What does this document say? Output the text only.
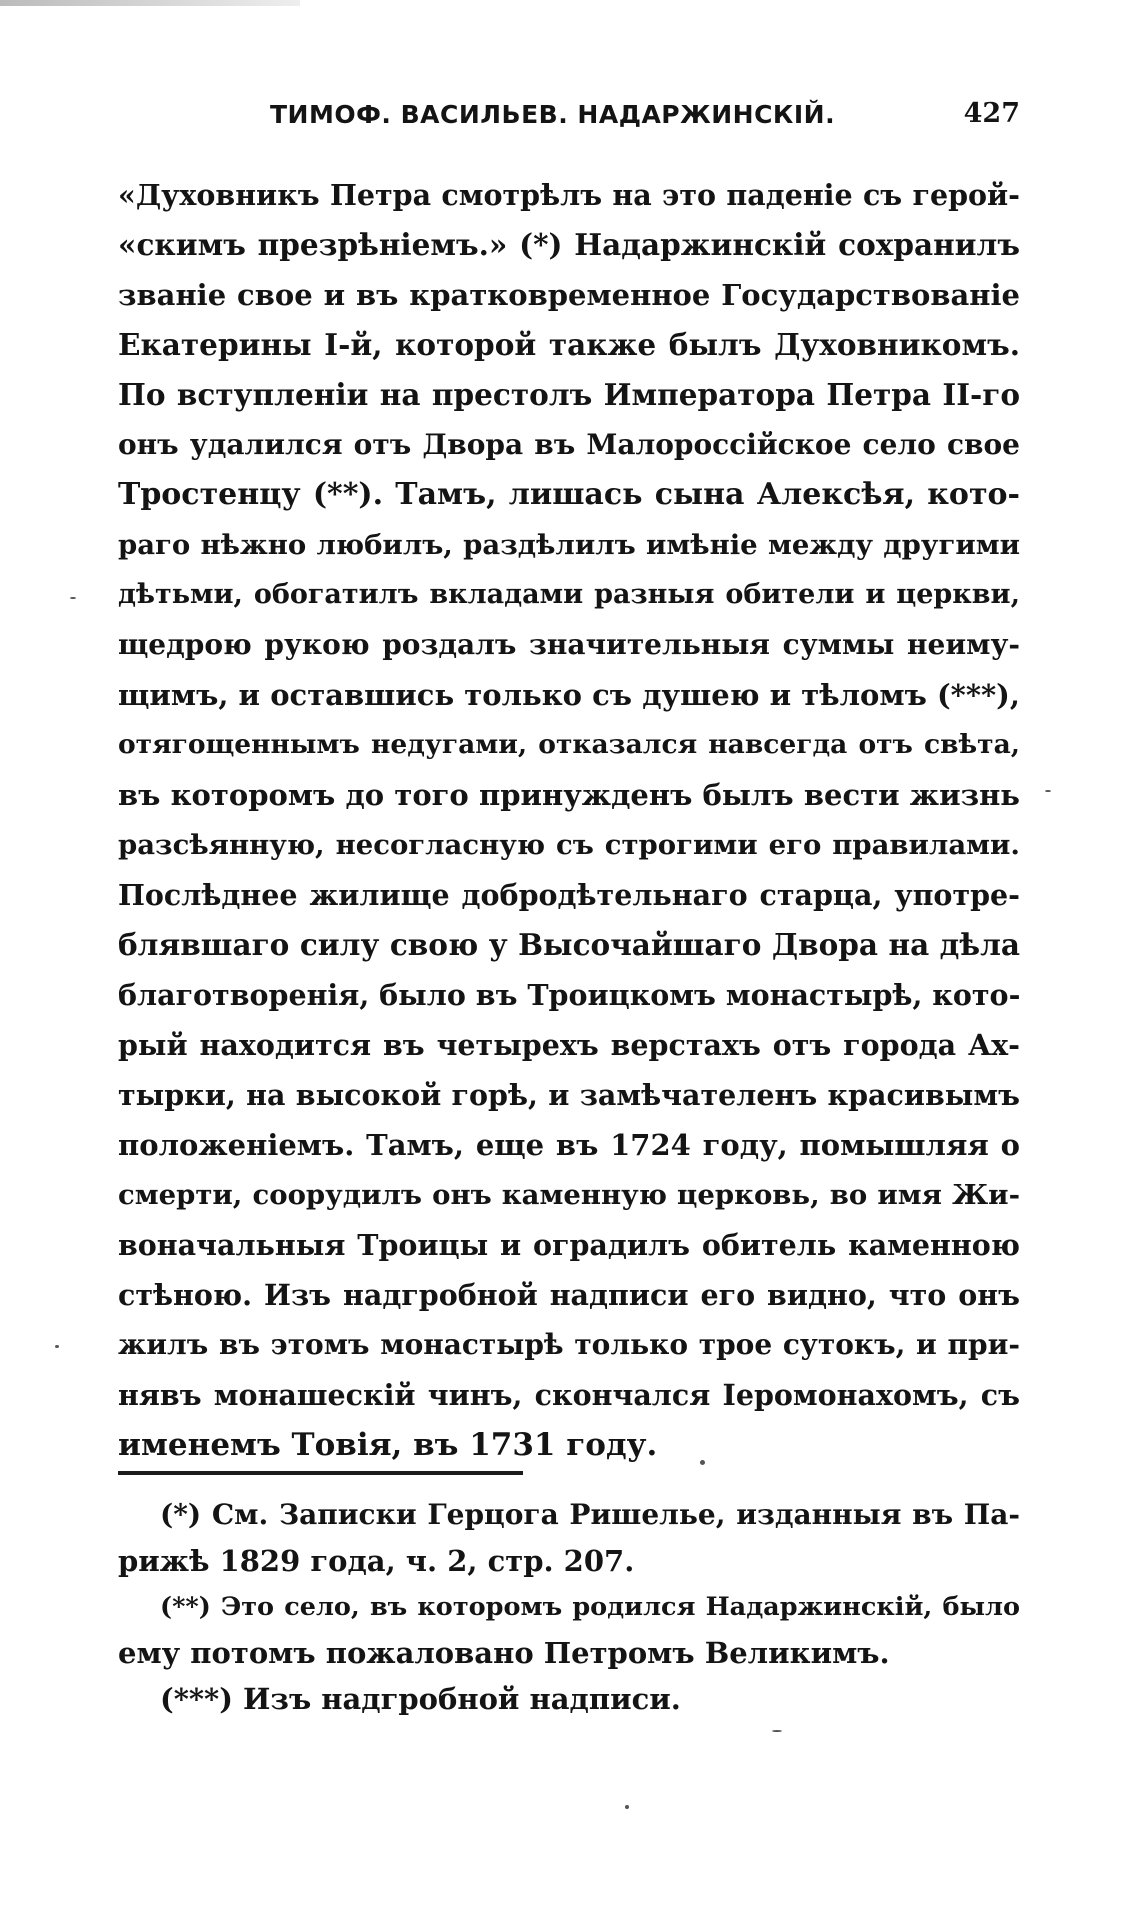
ТИМОФ. ВАСИЛЬЕВ. НАДАРЖИНСКIЙ.	427
«Духовникъ Петра смотрѣлъ на это паденiе съ герой-
«скимъ презрѣнiемъ.» (*) Надаржинскiй сохранилъ
званiе свое и въ кратковременное Государствованiе
Екатерины I-й, которой также былъ Духовникомъ.
По вступленiи на престолъ Императора Петра II-го
онъ удалился отъ Двора въ Малороссiйское село свое
Тростенцу (**). Тамъ, лишась сына Алексѣя, кото-
раго нѣжно любилъ, раздѣлилъ имѣнiе между другими
дѣтьми, обогатилъ вкладами разныя обители и церкви,
щедрою рукою роздалъ значительныя суммы неиму-
щимъ, и оставшись только съ душею и тѣломъ (***),
отягощеннымъ недугами, отказался навсегда отъ свѣта,
въ которомъ до того принужденъ былъ вести жизнь
разсѣянную, несогласную съ строгими его правилами.
Послѣднее жилище добродѣтельнаго старца, употре-
блявшаго силу свою у Высочайшаго Двора на дѣла
благотворенiя, было въ Троицкомъ монастырѣ, кото-
рый находится въ четырехъ верстахъ отъ города Ах-
тырки, на высокой горѣ, и замѣчателенъ красивымъ
положенiемъ. Тамъ, еще въ 1724 году, помышляя о
смерти, соорудилъ онъ каменную церковь, во имя Жи-
воначальныя Троицы и оградилъ обитель каменною
стѣною. Изъ надгробной надписи его видно, что онъ
жилъ въ этомъ монастырѣ только трое сутокъ, и при-
нявъ монашескiй чинъ, скончался Iеромонахомъ, съ
именемъ Товiя, въ 1731 году.
(*) См. Записки Герцога Ришелье, изданныя въ Па-
рижѣ 1829 года, ч. 2, стр. 207.
(**) Это село, въ которомъ родился Надаржинскiй, было
ему потомъ пожаловано Петромъ Великимъ.
(***) Изъ надгробной надписи.
